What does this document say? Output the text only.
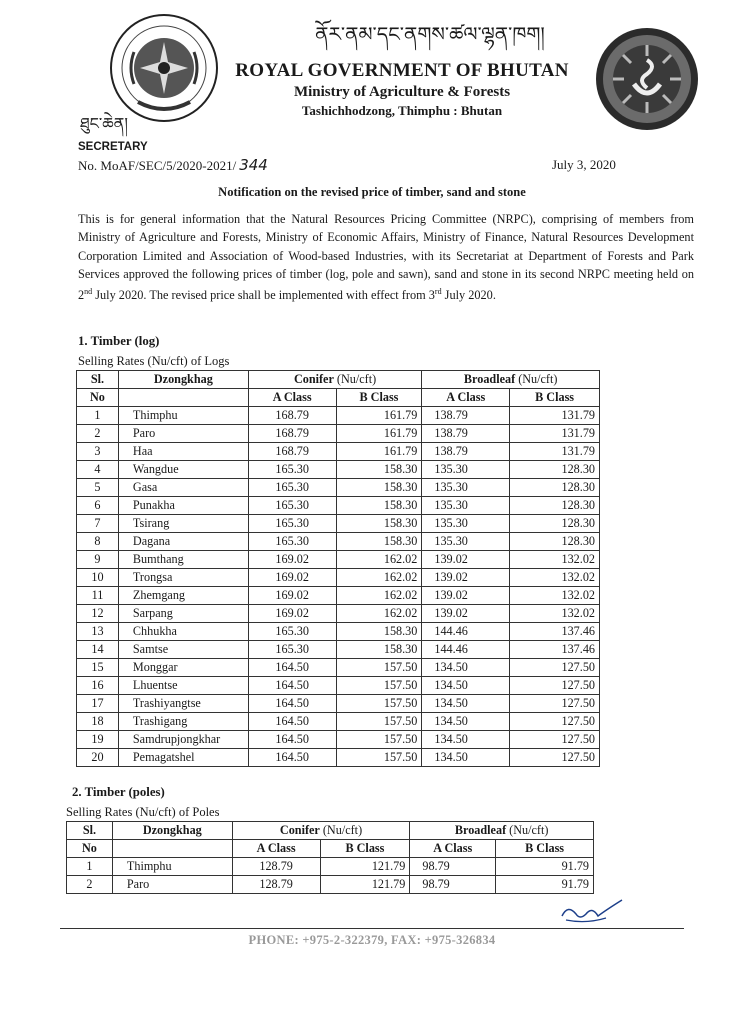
ནོར་ནམ་དང་ནགས་ཚལ་ལྷན་ཁག།
ཐུང་ཆེན།
ROYAL GOVERNMENT OF BHUTAN
Ministry of Agriculture & Forests
Tashichhodzong, Thimphu : Bhutan
SECRETARY
No. MoAF/SEC/5/2020-2021/ 344	July 3, 2020
Notification on the revised price of timber, sand and stone
This is for general information that the Natural Resources Pricing Committee (NRPC), comprising of members from Ministry of Agriculture and Forests, Ministry of Economic Affairs, Ministry of Finance, Natural Resources Development Corporation Limited and Association of Wood-based Industries, with its Secretariat at Department of Forests and Park Services approved the following prices of timber (log, pole and sawn), sand and stone in its second NRPC meeting held on 2nd July 2020. The revised price shall be implemented with effect from 3rd July 2020.
1. Timber (log)
Selling Rates (Nu/cft) of Logs
Sl.	Dzongkhag	Conifer (Nu/cft)		Broadleaf (Nu/cft)	
No		A Class	B Class	A Class	B Class
1	Thimphu	168.79	161.79	138.79	131.79
2	Paro	168.79	161.79	138.79	131.79
3	Haa	168.79	161.79	138.79	131.79
4	Wangdue	165.30	158.30	135.30	128.30
5	Gasa	165.30	158.30	135.30	128.30
6	Punakha	165.30	158.30	135.30	128.30
7	Tsirang	165.30	158.30	135.30	128.30
8	Dagana	165.30	158.30	135.30	128.30
9	Bumthang	169.02	162.02	139.02	132.02
10	Trongsa	169.02	162.02	139.02	132.02
11	Zhemgang	169.02	162.02	139.02	132.02
12	Sarpang	169.02	162.02	139.02	132.02
13	Chhukha	165.30	158.30	144.46	137.46
14	Samtse	165.30	158.30	144.46	137.46
15	Monggar	164.50	157.50	134.50	127.50
16	Lhuentse	164.50	157.50	134.50	127.50
17	Trashiyangtse	164.50	157.50	134.50	127.50
18	Trashigang	164.50	157.50	134.50	127.50
19	Samdrupjongkhar	164.50	157.50	134.50	127.50
20	Pemagatshel	164.50	157.50	134.50	127.50
2. Timber (poles)
Selling Rates (Nu/cft) of Poles
Sl.	Dzongkhag	Conifer (Nu/cft)		Broadleaf (Nu/cft)	
No		A Class	B Class	A Class	B Class
1	Thimphu	128.79	121.79	98.79	91.79
2	Paro	128.79	121.79	98.79	91.79
PHONE: +975-2-322379, FAX: +975-326834
